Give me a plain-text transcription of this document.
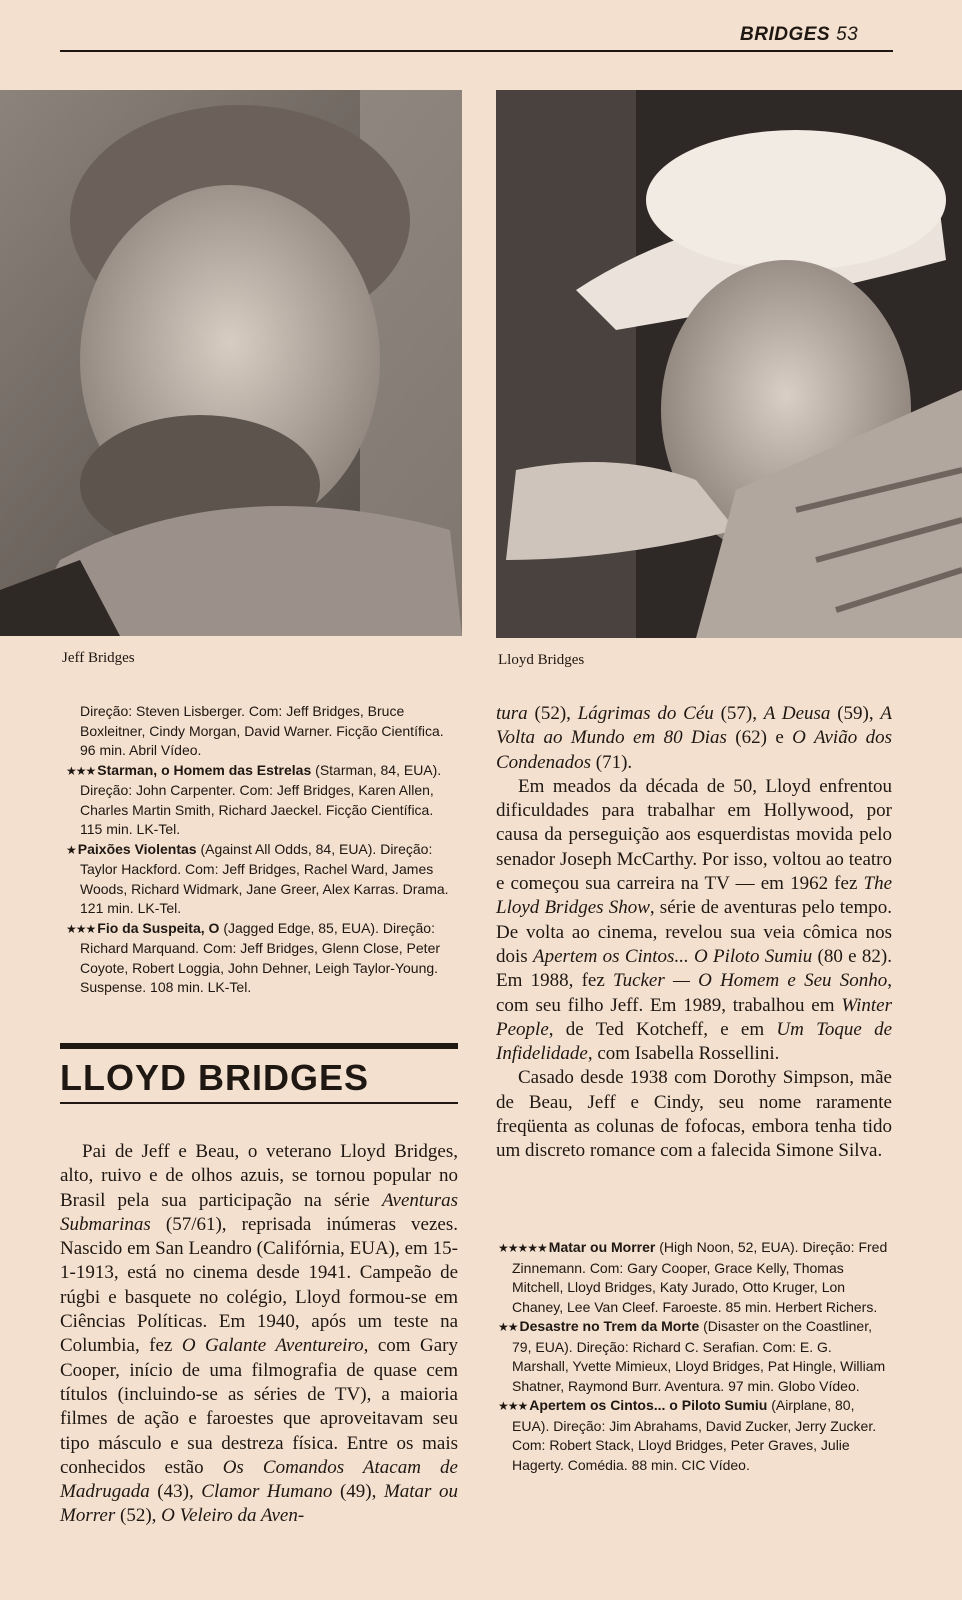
BRIDGES 53
Jeff Bridges	Lloyd Bridges

Direção: Steven Lisberger. Com: Jeff Bridges, Bruce Boxleitner, Cindy Morgan, David Warner. Ficção Científica. 96 min. Abril Vídeo.

★★★ Starman, o Homem das Estrelas (Starman, 84, EUA). Direção: John Carpenter. Com: Jeff Bridges, Karen Allen, Charles Martin Smith, Richard Jaeckel. Ficção Científica. 115 min. LK-Tel.

★ Paixões Violentas (Against All Odds, 84, EUA). Direção: Taylor Hackford. Com: Jeff Bridges, Rachel Ward, James Woods, Richard Widmark, Jane Greer, Alex Karras. Drama. 121 min. LK-Tel.

★★★ Fio da Suspeita, O (Jagged Edge, 85, EUA). Direção: Richard Marquand. Com: Jeff Bridges, Glenn Close, Peter Coyote, Robert Loggia, John Dehner, Leigh Taylor-Young. Suspense. 108 min. LK-Tel.

LLOYD BRIDGES

Pai de Jeff e Beau, o veterano Lloyd Bridges, alto, ruivo e de olhos azuis, se tornou popular no Brasil pela sua participação na série Aventuras Submarinas (57/61), reprisada inúmeras vezes. Nascido em San Leandro (Califórnia, EUA), em 15-1-1913, está no cinema desde 1941. Campeão de rúgbi e basquete no colégio, Lloyd formou-se em Ciências Políticas. Em 1940, após um teste na Columbia, fez O Galante Aventureiro, com Gary Cooper, início de uma filmografia de quase cem títulos (incluindo-se as séries de TV), a maioria filmes de ação e faroestes que aproveitavam seu tipo másculo e sua destreza física. Entre os mais conhecidos estão Os Comandos Atacam de Madrugada (43), Clamor Humano (49), Matar ou Morrer (52), O Veleiro da Aven-

tura (52), Lágrimas do Céu (57), A Deusa (59), A Volta ao Mundo em 80 Dias (62) e O Avião dos Condenados (71).

Em meados da década de 50, Lloyd enfrentou dificuldades para trabalhar em Hollywood, por causa da perseguição aos esquerdistas movida pelo senador Joseph McCarthy. Por isso, voltou ao teatro e começou sua carreira na TV — em 1962 fez The Lloyd Bridges Show, série de aventuras pelo tempo. De volta ao cinema, revelou sua veia cômica nos dois Apertem os Cintos... O Piloto Sumiu (80 e 82). Em 1988, fez Tucker — O Homem e Seu Sonho, com seu filho Jeff. Em 1989, trabalhou em Winter People, de Ted Kotcheff, e em Um Toque de Infidelidade, com Isabella Rossellini.

Casado desde 1938 com Dorothy Simpson, mãe de Beau, Jeff e Cindy, seu nome raramente freqüenta as colunas de fofocas, embora tenha tido um discreto romance com a falecida Simone Silva.

★★★★★ Matar ou Morrer (High Noon, 52, EUA). Direção: Fred Zinnemann. Com: Gary Cooper, Grace Kelly, Thomas Mitchell, Lloyd Bridges, Katy Jurado, Otto Kruger, Lon Chaney, Lee Van Cleef. Faroeste. 85 min. Herbert Richers.

★★ Desastre no Trem da Morte (Disaster on the Coastliner, 79, EUA). Direção: Richard C. Serafian. Com: E. G. Marshall, Yvette Mimieux, Lloyd Bridges, Pat Hingle, William Shatner, Raymond Burr. Aventura. 97 min. Globo Vídeo.

★★★ Apertem os Cintos... o Piloto Sumiu (Airplane, 80, EUA). Direção: Jim Abrahams, David Zucker, Jerry Zucker. Com: Robert Stack, Lloyd Bridges, Peter Graves, Julie Hagerty. Comédia. 88 min. CIC Vídeo.
